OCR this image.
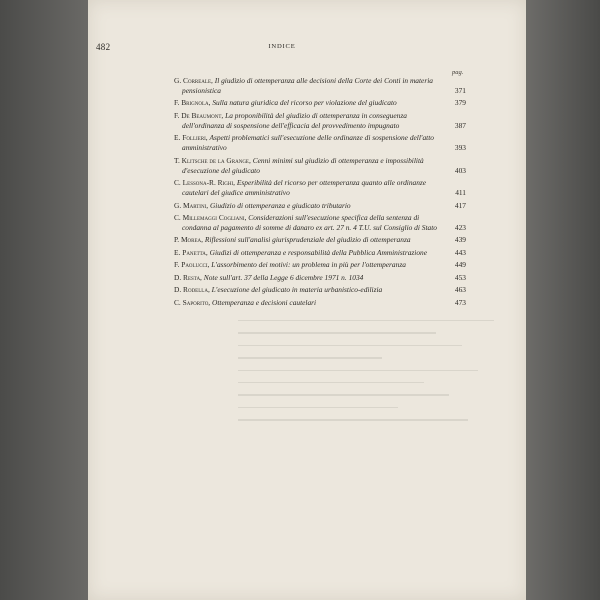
482	INDICE
pag.
G. Correale, Il giudizio di ottemperanza alle decisioni della Corte dei Conti in materia pensionistica	371
F. Brignola, Sulla natura giuridica del ricorso per violazione del giudicato	379
F. De Beaumont, La proponibilità del giudizio di ottemperanza in conseguenza dell'ordinanza di sospensione dell'efficacia del provvedimento impugnato	387
E. Follieri, Aspetti problematici sull'esecuzione delle ordinanze di sospensione dell'atto amministrativo	393
T. Klitsche de la Grange, Cenni minimi sul giudizio di ottemperanza e impossibilità d'esecuzione del giudicato	403
C. Lessona-R. Righi, Esperibilità del ricorso per ottemperanza quanto alle ordinanze cautelari del giudice amministrativo	411
G. Martini, Giudizio di ottemperanza e giudicato tributario	417
C. Millemaggi Cogliani, Considerazioni sull'esecuzione specifica della sentenza di condanna al pagamento di somme di danaro ex art. 27 n. 4 T.U. sul Consiglio di Stato	423
P. Morea, Riflessioni sull'analisi giurisprudenziale del giudizio di ottemperanza	439
E. Panetta, Giudizi di ottemperanza e responsabilità della Pubblica Amministrazione	443
F. Paolucci, L'assorbimento dei motivi: un problema in più per l'ottemperanza	449
D. Resta, Note sull'art. 37 della Legge 6 dicembre 1971 n. 1034	453
D. Rodella, L'esecuzione del giudicato in materia urbanistico-edilizia	463
C. Saporito, Ottemperanza e decisioni cautelari	473
